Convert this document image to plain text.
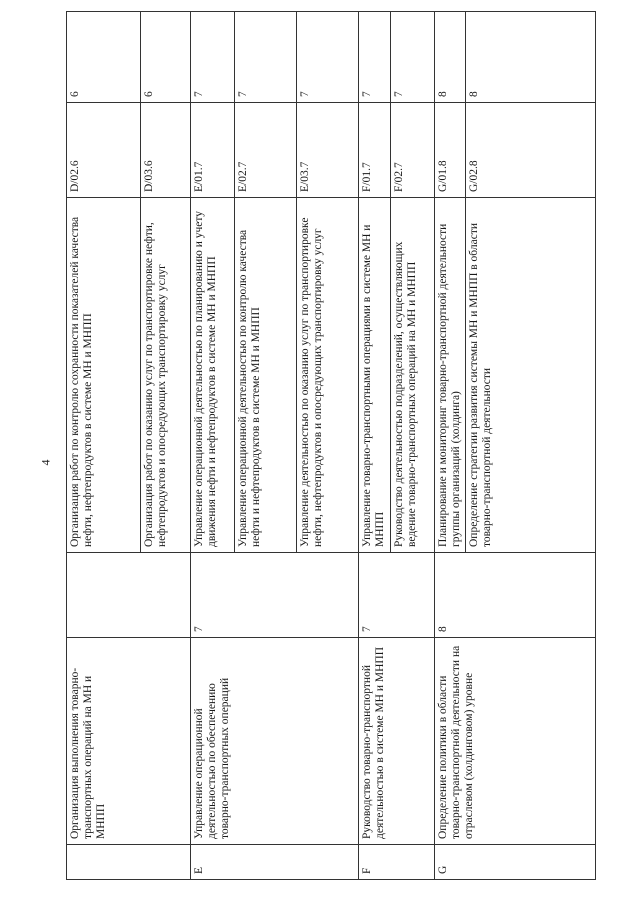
4
	Организация выполнения товарно-транспортных операций на МН и МНПП		Организация работ по контролю сохранности показателей качества нефти, нефтепродуктов в системе МН и МНПП	D/02.6	6
			Организация работ по оказанию услуг по транспортировке нефти, нефтепродуктов и опосредующих транспортировку услуг	D/03.6	6
E	Управление операционной деятельностью по обеспечению товарно-транспортных операций	7	Управление операционной деятельностью по планированию и учету движения нефти и нефтепродуктов в системе МН и МНПП	E/01.7	7
			Управление операционной деятельностью по контролю качества нефти и нефтепродуктов в системе МН и МНПП	E/02.7	7
			Управление деятельностью по оказанию услуг по транспортировке нефти, нефтепродуктов и опосредующих транспортировку услуг	E/03.7	7
F	Руководство товарно-транспортной деятельностью в системе МН и МНПП	7	Управление товарно-транспортными операциями в системе МН и МНПП	F/01.7	7
			Руководство деятельностью подразделений, осуществляющих ведение товарно-транспортных операций на МН и МНПП	F/02.7	7
G	Определение политики в области товарно-транспортной деятельности на отраслевом (холдинговом) уровне	8	Планирование и мониторинг товарно-транспортной деятельности группы организаций (холдинга)	G/01.8	8
			Определение стратегии развития системы МН и МНПП в области товарно-транспортной деятельности	G/02.8	8
